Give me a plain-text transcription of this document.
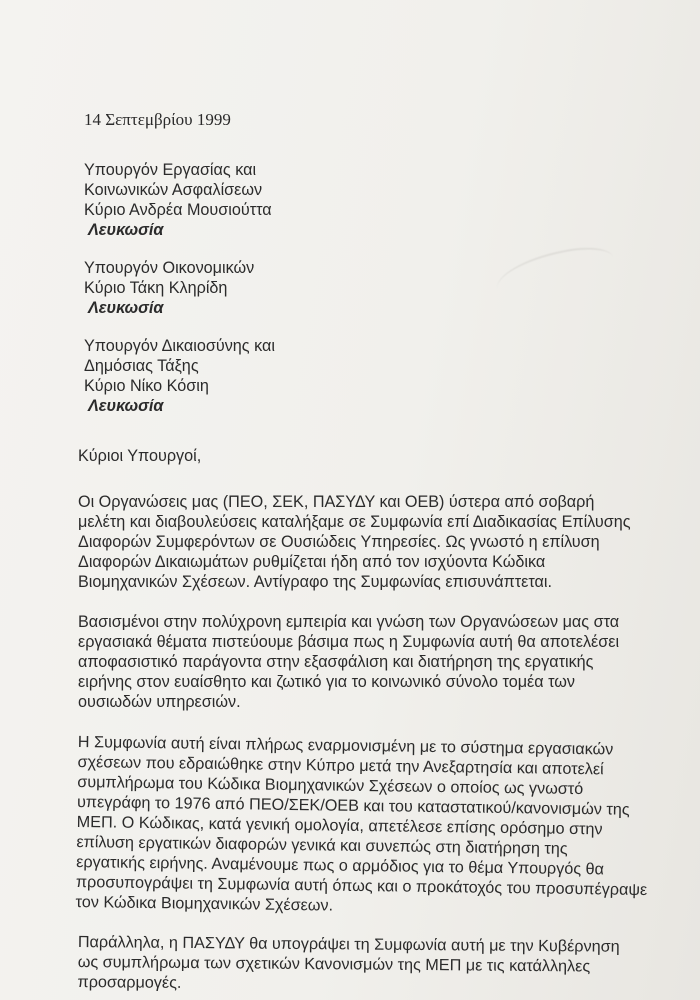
14 Σεπτεμβρίου 1999
Υπουργόν Εργασίας και
Κοινωνικών Ασφαλίσεων
Κύριο Ανδρέα Μουσιούττα
Λευκωσία
Υπουργόν Οικονομικών
Κύριο Τάκη Κληρίδη
Λευκωσία
Υπουργόν Δικαιοσύνης και
Δημόσιας Τάξης
Κύριο Νίκο Κόσιη
Λευκωσία
Κύριοι Υπουργοί,
Οι Οργανώσεις μας (ΠΕΟ, ΣΕΚ, ΠΑΣΥΔΥ και ΟΕΒ) ύστερα από σοβαρή
μελέτη και διαβουλεύσεις καταλήξαμε σε Συμφωνία επί Διαδικασίας Επίλυσης
Διαφορών Συμφερόντων σε Ουσιώδεις Υπηρεσίες. Ως γνωστό η επίλυση
Διαφορών Δικαιωμάτων ρυθμίζεται ήδη από τον ισχύοντα Κώδικα
Βιομηχανικών Σχέσεων. Αντίγραφο της Συμφωνίας επισυνάπτεται.
Βασισμένοι στην πολύχρονη εμπειρία και γνώση των Οργανώσεων μας στα
εργασιακά θέματα πιστεύουμε βάσιμα πως η Συμφωνία αυτή θα αποτελέσει
αποφασιστικό παράγοντα στην εξασφάλιση και διατήρηση της εργατικής
ειρήνης στον ευαίσθητο και ζωτικό για το κοινωνικό σύνολο τομέα των
ουσιωδών υπηρεσιών.
Η Συμφωνία αυτή είναι πλήρως εναρμονισμένη με το σύστημα εργασιακών
σχέσεων που εδραιώθηκε στην Κύπρο μετά την Ανεξαρτησία και αποτελεί
συμπλήρωμα του Κώδικα Βιομηχανικών Σχέσεων ο οποίος ως γνωστό
υπεγράφη το 1976 από ΠΕΟ/ΣΕΚ/ΟΕΒ και του καταστατικού/κανονισμών της
ΜΕΠ. Ο Κώδικας, κατά γενική ομολογία, απετέλεσε επίσης ορόσημο στην
επίλυση εργατικών διαφορών γενικά και συνεπώς στη διατήρηση της
εργατικής ειρήνης. Αναμένουμε πως ο αρμόδιος για το θέμα Υπουργός θα
προσυπογράψει τη Συμφωνία αυτή όπως και ο προκάτοχός του προσυπέγραψε
τον Κώδικα Βιομηχανικών Σχέσεων.
Παράλληλα, η ΠΑΣΥΔΥ θα υπογράψει τη Συμφωνία αυτή με την Κυβέρνηση
ως συμπλήρωμα των σχετικών Κανονισμών της ΜΕΠ με τις κατάλληλες
προσαρμογές.
